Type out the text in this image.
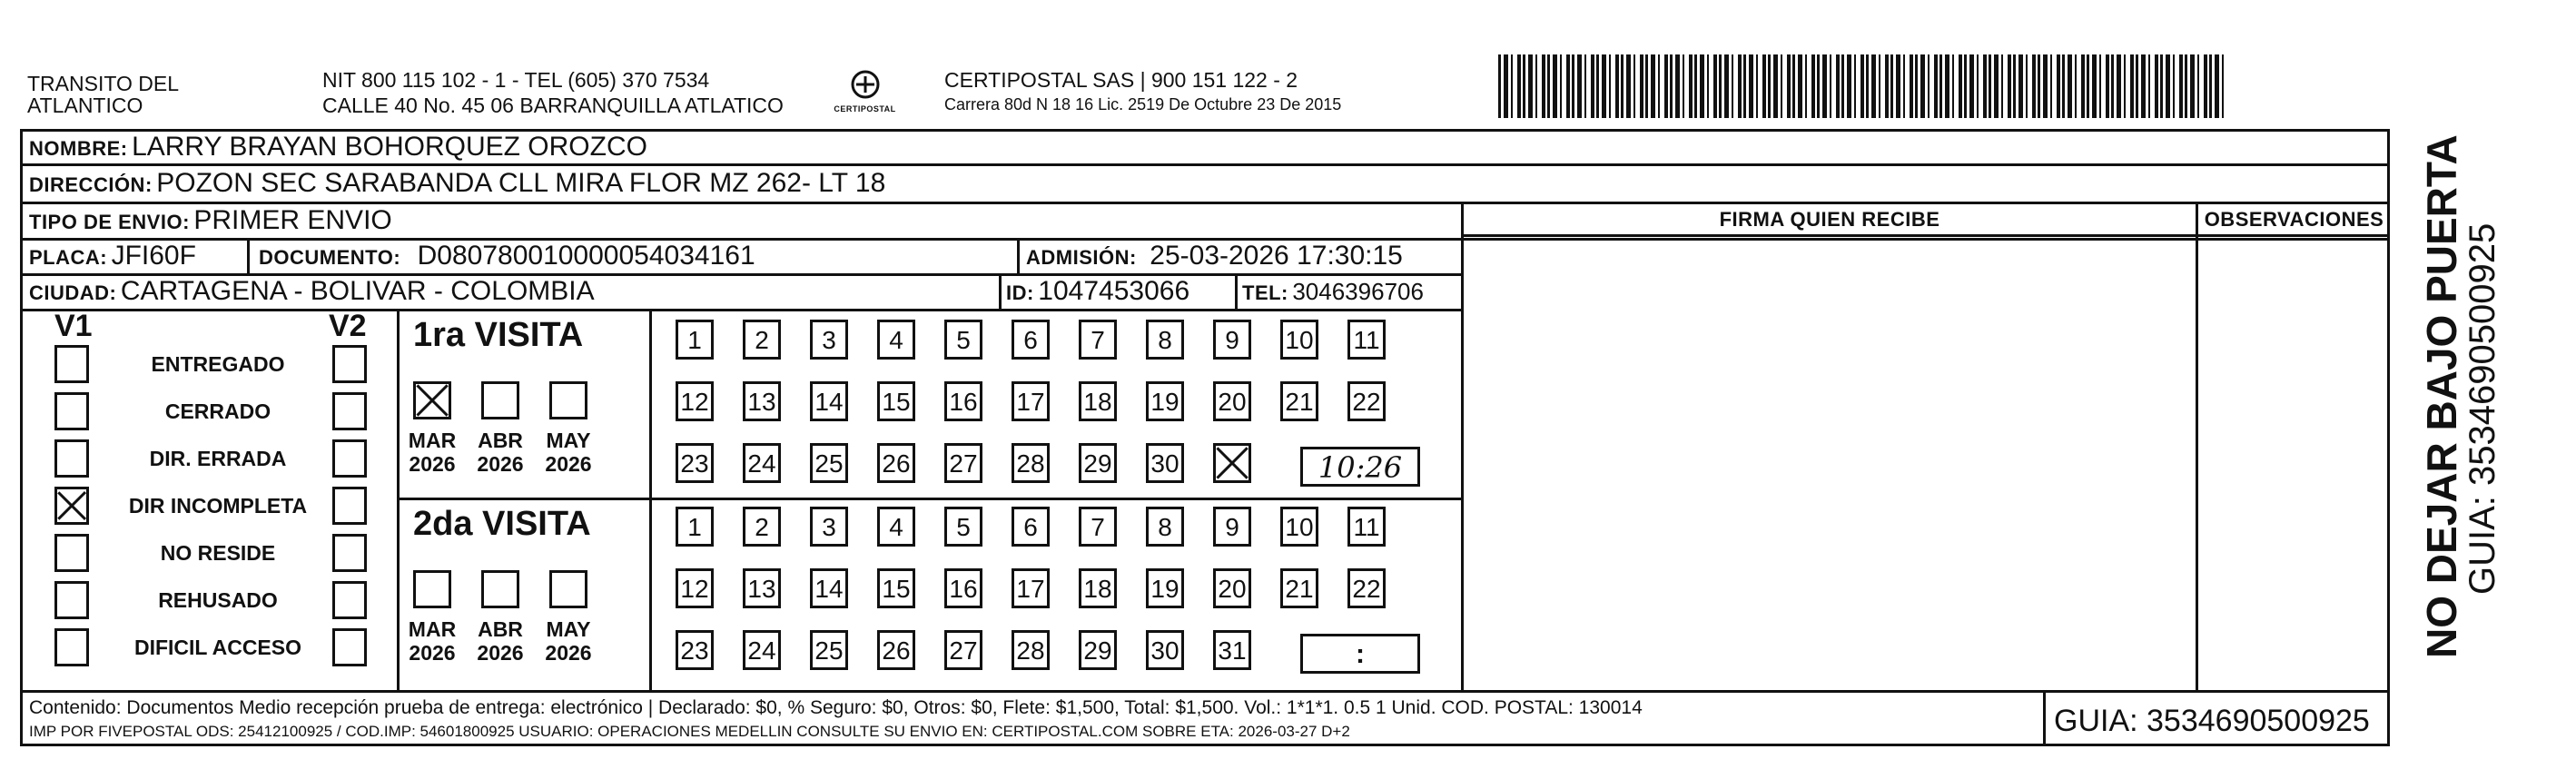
TRANSITO DEL
ATLANTICO
NIT 800 115 102 - 1 - TEL (605) 370 7534
CALLE 40 No. 45 06 BARRANQUILLA ATLATICO	CERTIPOSTAL
CERTIPOSTAL SAS | 900 151 122 - 2
Carrera 80d N 18 16 Lic. 2519 De Octubre 23 De 2015
NOMBRE: LARRY BRAYAN BOHORQUEZ OROZCO
DIRECCIÓN: POZON SEC SARABANDA CLL MIRA FLOR MZ 262- LT 18
TIPO DE ENVIO: PRIMER ENVIO	FIRMA QUIEN RECIBE	OBSERVACIONES
PLACA: JFI60F	DOCUMENTO: D080780010000054034161	ADMISIÓN: 25-03-2026 17:30:15
CIUDAD: CARTAGENA - BOLIVAR - COLOMBIA	ID: 1047453066	TEL: 3046396706
V1	V2
ENTREGADO
CERRADO
DIR. ERRADA
DIR INCOMPLETA
NO RESIDE
REHUSADO
DIFICIL ACCESO
1ra VISITA
2da VISITA
MAR
2026
ABR
2026
MAY
2026
MAR
2026
ABR
2026
MAY
2026
1	2	3	4	5	6	7	8	9	10 11
12 13 14 15 16 17 18 19 20 21 22
23 24 25 26 27 28 29 30
1	2	3	4	5	6	7	8	9	10 11
12 13 14 15 16 17 18 19 20 21 22
23 24 25 26 27 28 29 30 31
10:26
:
Contenido: Documentos Medio recepción prueba de entrega: electrónico | Declarado: $0, % Seguro: $0, Otros: $0, Flete: $1,500, Total: $1,500. Vol.: 1*1*1. 0.5 1 Unid. COD. POSTAL: 130014
IMP POR FIVEPOSTAL ODS: 25412100925 / COD.IMP: 54601800925 USUARIO: OPERACIONES MEDELLIN CONSULTE SU ENVIO EN: CERTIPOSTAL.COM SOBRE ETA: 2026-03-27 D+2	GUIA: 3534690500925
NO DEJAR BAJO PUERTA
GUIA: 3534690500925
